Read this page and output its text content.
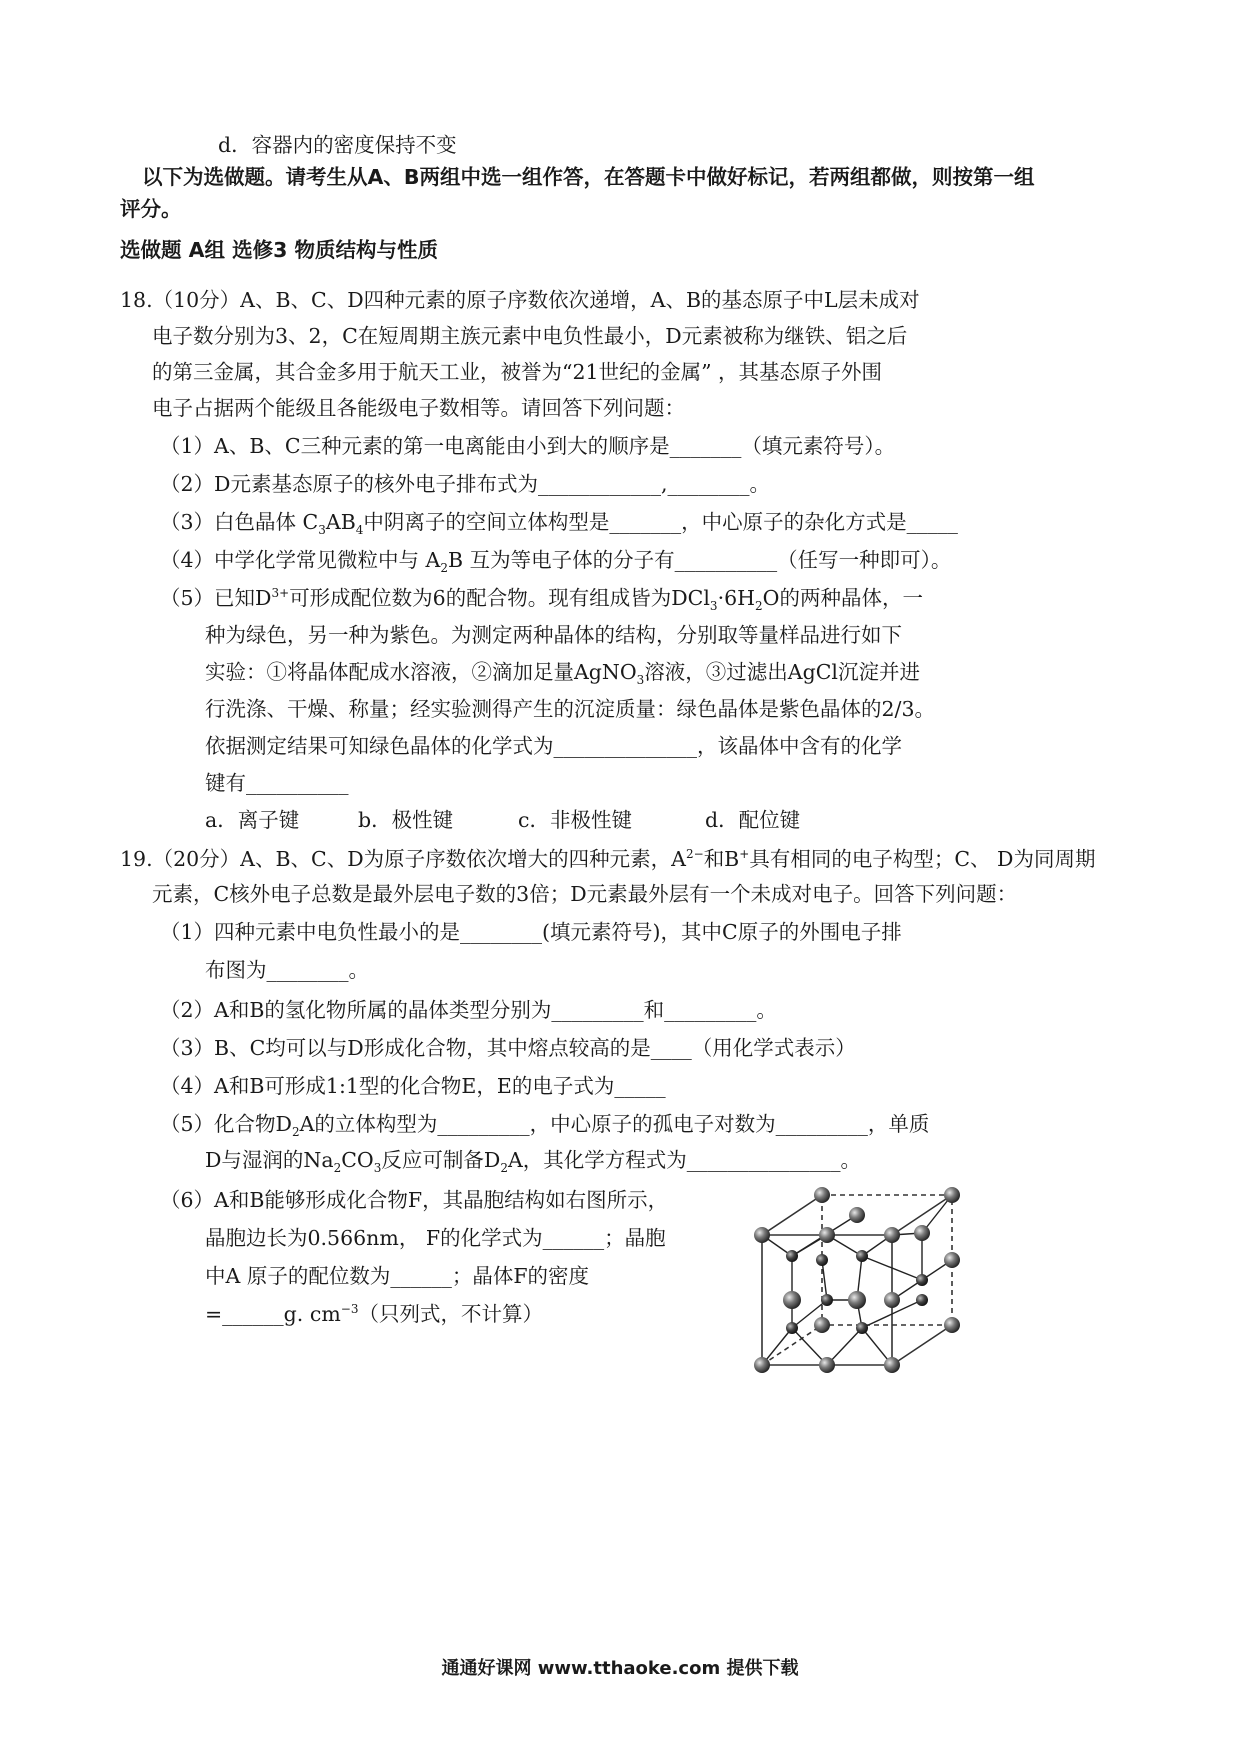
d．容器内的密度保持不变
以下为选做题。请考生从A、B两组中选一组作答，在答题卡中做好标记，若两组都做，则按第一组
评分。
选做题 A组 选修3 物质结构与性质
18.（10分）A、B、C、D四种元素的原子序数依次递增，A、B的基态原子中L层未成对
电子数分别为3、2，C在短周期主族元素中电负性最小，D元素被称为继铁、铝之后
的第三金属，其合金多用于航天工业，被誉为“21世纪的金属” ，其基态原子外围
电子占据两个能级且各能级电子数相等。请回答下列问题：
（1）A、B、C三种元素的第一电离能由小到大的顺序是_______（填元素符号）。
（2）D元素基态原子的核外电子排布式为____________,________。
（3）白色晶体 $C_3AB_4$中阴离子的空间立体构型是_______，中心原子的杂化方式是_____
（4）中学化学常见微粒中与 $A_2B$ 互为等电子体的分子有__________（任写一种即可）。
（5）已知$D^{3+}$可形成配位数为6的配合物。现有组成皆为$DCl_3\cdot 6H_2O$的两种晶体，一
种为绿色，另一种为紫色。为测定两种晶体的结构，分别取等量样品进行如下
实验：①将晶体配成水溶液，②滴加足量AgNO$_3$溶液，③过滤出AgCl沉淀并进
行洗涤、干燥、称量；经实验测得产生的沉淀质量：绿色晶体是紫色晶体的2/3。
依据测定结果可知绿色晶体的化学式为______________，该晶体中含有的化学
键有__________
a．离子键	b．极性键	c．非极性键	d．配位键
19.（20分）A、B、C、D为原子序数依次增大的四种元素，$A^{2-}$和B+具有相同的电子构型；C、 D为同周期
元素，C核外电子总数是最外层电子数的3倍；D元素最外层有一个未成对电子。回答下列问题：
（1）四种元素中电负性最小的是________(填元素符号)，其中C原子的外围电子排
布图为________。
（2）A和B的氢化物所属的晶体类型分别为_________和_________。
（3）B、C均可以与D形成化合物，其中熔点较高的是____（用化学式表示）
（4）A和B可形成1:1型的化合物E，E的电子式为_____
（5）化合物$D_2A$的立体构型为_________，中心原子的孤电子对数为_________，单质
D与湿润的$Na_2CO_3$反应可制备$D_2A$，其化学方程式为_______________。
（6）A和B能够形成化合物F，其晶胞结构如右图所示，
晶胞边长为0.566nm， F的化学式为______；晶胞
中A 原子的配位数为______；晶体F的密度
=______g. $cm^{-3}$（只列式，不计算）
通通好课网 www.tthaoke.com 提供下载
